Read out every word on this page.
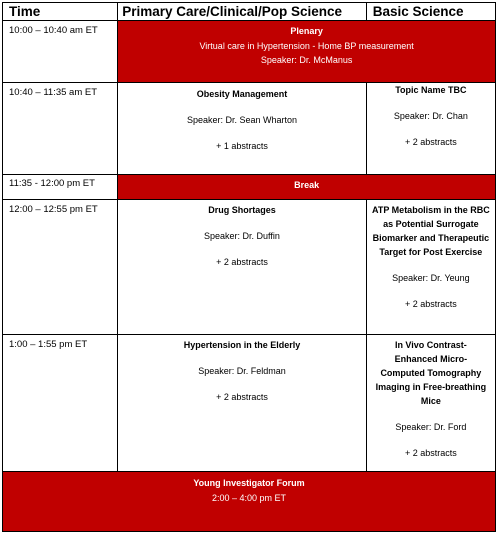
Time	Primary Care/Clinical/Pop Science	Basic Science
10:00 – 10:40 am ET	Plenary
Virtual care in Hypertension - Home BP measurement
Speaker: Dr. McManus	

10:40 – 11:35 am ET	Obesity Management
Speaker: Dr. Sean Wharton
+ 1 abstracts	Topic Name TBC
Speaker: Dr. Chan
+ 2 abstracts

11:35 - 12:00 pm ET	Break	

12:00 – 12:55 pm ET	Drug Shortages
Speaker: Dr. Duffin
+ 2 abstracts	ATP Metabolism in the RBC as Potential Surrogate Biomarker and Therapeutic Target for Post Exercise
Speaker: Dr. Yeung
+ 2 abstracts

1:00 – 1:55 pm ET	Hypertension in the Elderly
Speaker: Dr. Feldman
+ 2 abstracts	In Vivo Contrast-Enhanced Micro-Computed Tomography Imaging in Free-breathing Mice
Speaker: Dr. Ford
+ 2 abstracts

Young Investigator Forum
2:00 – 4:00 pm ET		
